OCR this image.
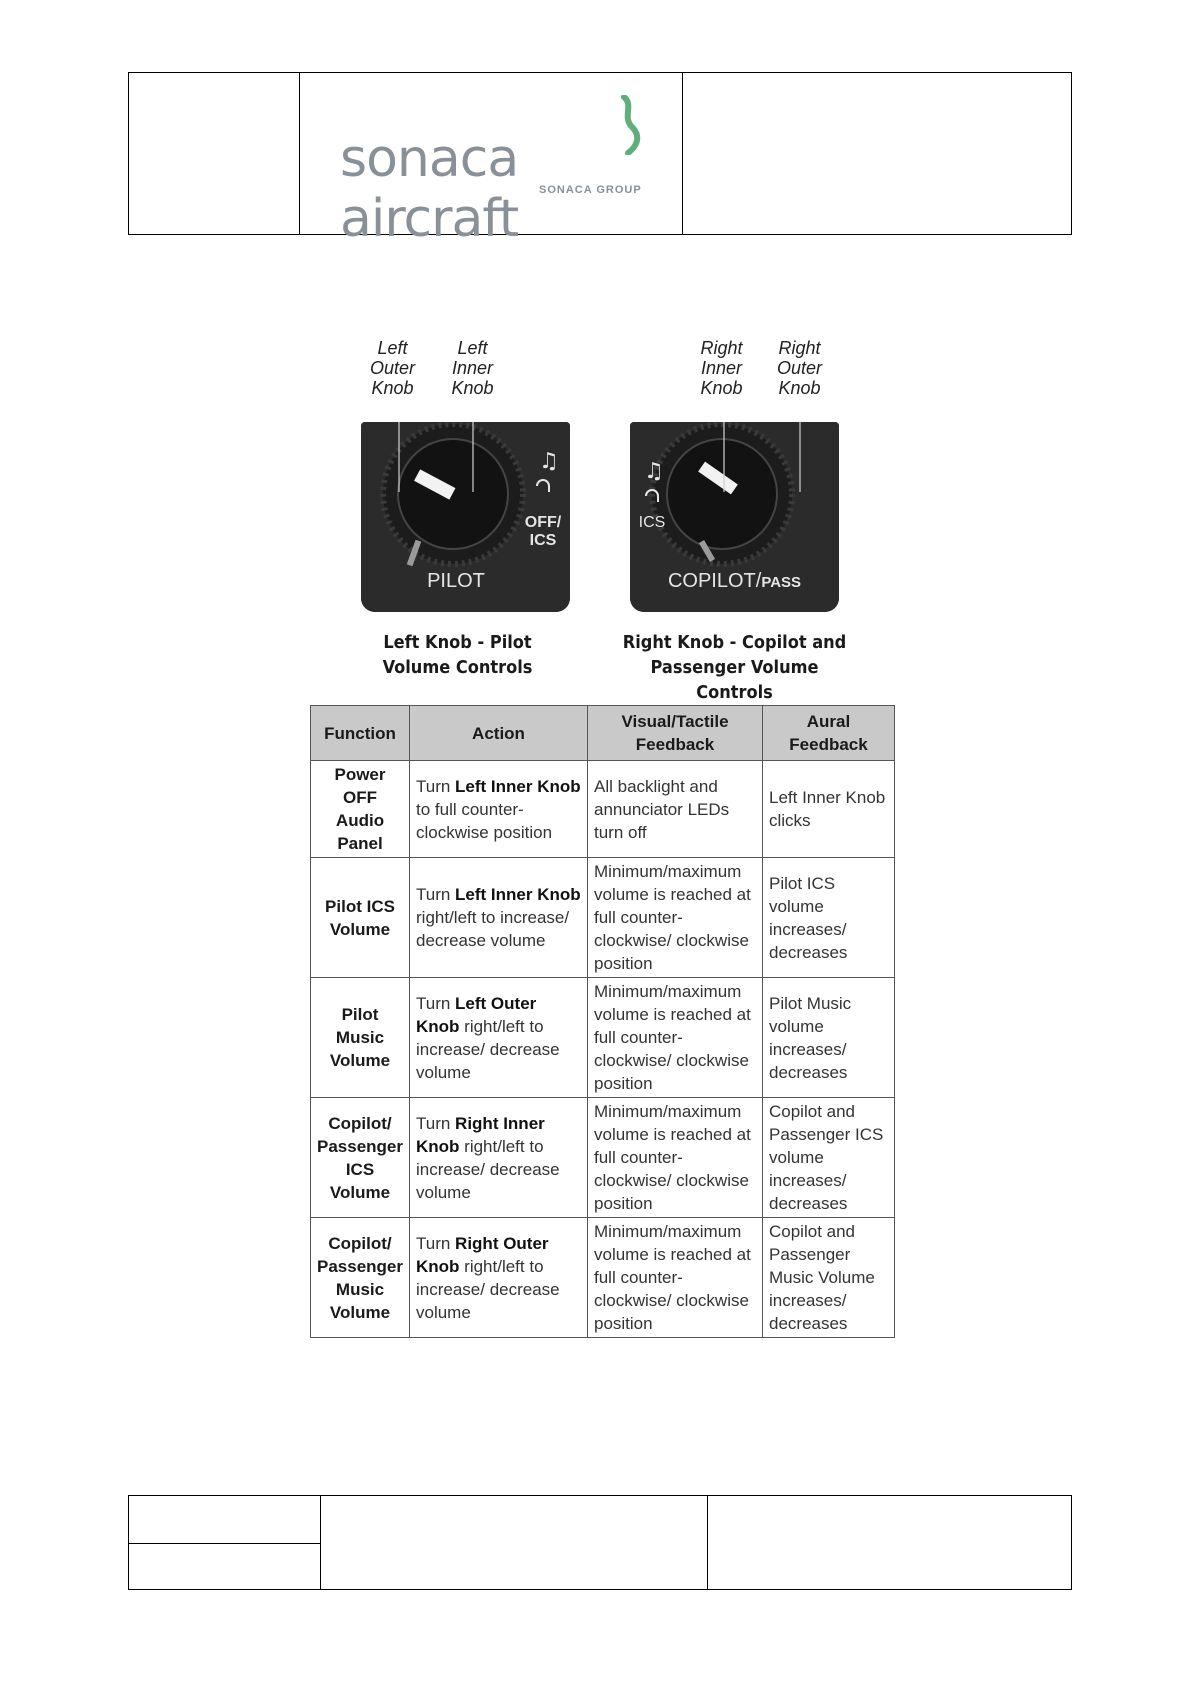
sonaca aircraft	SONACA GROUP
Left Outer Knob
Left Inner Knob
♫
OFF/ ICS
PILOT
Left Knob - Pilot
Volume Controls
Right Inner Knob
Right Outer Knob
♫
ICS
COPILOT/PASS
Right Knob - Copilot and
Passenger Volume Controls
Function	Action	Visual/Tactile Feedback	Aural Feedback
Power OFF Audio Panel	Turn Left Inner Knob to full counter-clockwise position	All backlight and annunciator LEDs turn off	Left Inner Knob clicks
Pilot ICS Volume	Turn Left Inner Knob right/left to increase/ decrease volume	Minimum/maximum volume is reached at full counter-clockwise/ clockwise position	Pilot ICS volume increases/ decreases
Pilot Music Volume	Turn Left Outer Knob right/left to increase/ decrease volume	Minimum/maximum volume is reached at full counter-clockwise/ clockwise position	Pilot Music volume increases/ decreases
Copilot/ Passenger ICS Volume	Turn Right Inner Knob right/left to increase/ decrease volume	Minimum/maximum volume is reached at full counter-clockwise/ clockwise position	Copilot and Passenger ICS volume increases/ decreases
Copilot/ Passenger Music Volume	Turn Right Outer Knob right/left to increase/ decrease volume	Minimum/maximum volume is reached at full counter-clockwise/ clockwise position	Copilot and Passenger Music Volume increases/ decreases
